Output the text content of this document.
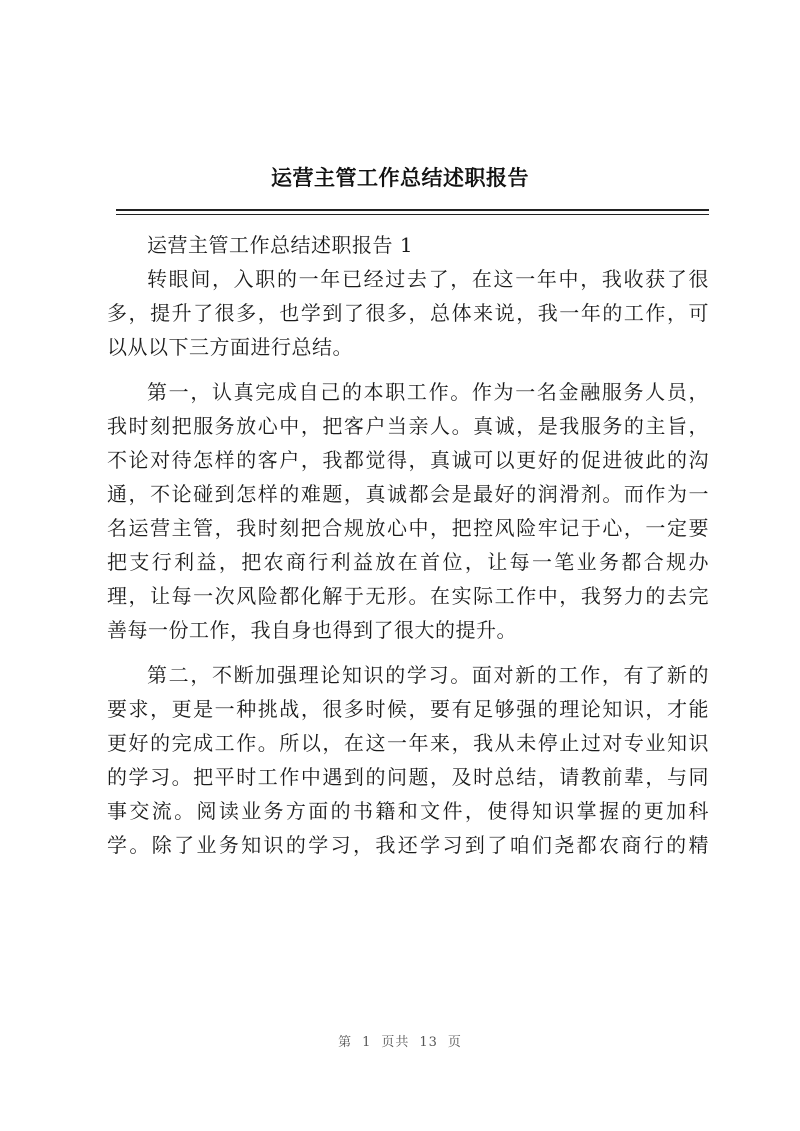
运营主管工作总结述职报告
运营主管工作总结述职报告 1
转眼间，入职的一年已经过去了，在这一年中，我收获了很
多，提升了很多，也学到了很多，总体来说，我一年的工作，可
以从以下三方面进行总结。
第一，认真完成自己的本职工作。作为一名金融服务人员，
我时刻把服务放心中，把客户当亲人。真诚，是我服务的主旨，
不论对待怎样的客户，我都觉得，真诚可以更好的促进彼此的沟
通，不论碰到怎样的难题，真诚都会是最好的润滑剂。而作为一
名运营主管，我时刻把合规放心中，把控风险牢记于心，一定要
把支行利益，把农商行利益放在首位，让每一笔业务都合规办
理，让每一次风险都化解于无形。在实际工作中，我努力的去完
善每一份工作，我自身也得到了很大的提升。
第二，不断加强理论知识的学习。面对新的工作，有了新的
要求，更是一种挑战，很多时候，要有足够强的理论知识，才能
更好的完成工作。所以，在这一年来，我从未停止过对专业知识
的学习。把平时工作中遇到的问题，及时总结，请教前辈，与同
事交流。阅读业务方面的书籍和文件，使得知识掌握的更加科
学。除了业务知识的学习，我还学习到了咱们尧都农商行的精
第 1 页共 13 页
